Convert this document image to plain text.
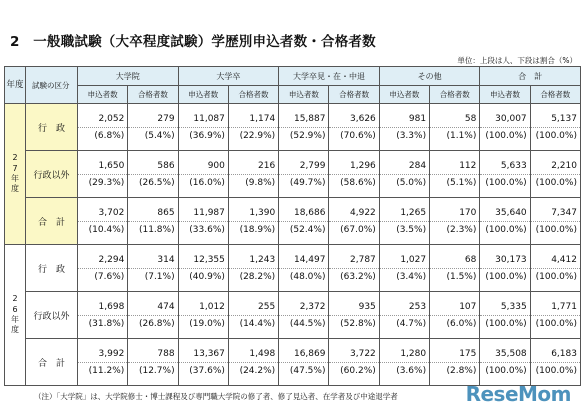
2　一般職試験（大卒程度試験）学歴別申込者数・合格者数
単位：上段は人、下段は割合（%）
年度	試験の区分	大学院		大学卒		大学卒見・在・中退		その他		合　計	
		申込者数	合格者数	申込者数	合格者数	申込者数	合格者数	申込者数	合格者数	申込者数	合格者数
27年度	行　政	2,052	279	11,087	1,174	15,887	3,626	981	58	30,007	5,137
		(6.8%)	(5.4%)	(36.9%)	(22.9%)	(52.9%)	(70.6%)	(3.3%)	(1.1%)	(100.0%)	(100.0%)
	行政以外	1,650	586	900	216	2,799	1,296	284	112	5,633	2,210
		(29.3%)	(26.5%)	(16.0%)	(9.8%)	(49.7%)	(58.6%)	(5.0%)	(5.1%)	(100.0%)	(100.0%)
	合　計	3,702	865	11,987	1,390	18,686	4,922	1,265	170	35,640	7,347
		(10.4%)	(11.8%)	(33.6%)	(18.9%)	(52.4%)	(67.0%)	(3.5%)	(2.3%)	(100.0%)	(100.0%)
26年度	行　政	2,294	314	12,355	1,243	14,497	2,787	1,027	68	30,173	4,412
		(7.6%)	(7.1%)	(40.9%)	(28.2%)	(48.0%)	(63.2%)	(3.4%)	(1.5%)	(100.0%)	(100.0%)
	行政以外	1,698	474	1,012	255	2,372	935	253	107	5,335	1,771
		(31.8%)	(26.8%)	(19.0%)	(14.4%)	(44.5%)	(52.8%)	(4.7%)	(6.0%)	(100.0%)	(100.0%)
	合　計	3,992	788	13,367	1,498	16,869	3,722	1,280	175	35,508	6,183
		(11.2%)	(12.7%)	(37.6%)	(24.2%)	(47.5%)	(60.2%)	(3.6%)	(2.8%)	(100.0%)	(100.0%)
（注）「大学院」は、大学院修士・博士課程及び専門職大学院の修了者、修了見込者、在学者及び中途退学者	ReseMom
